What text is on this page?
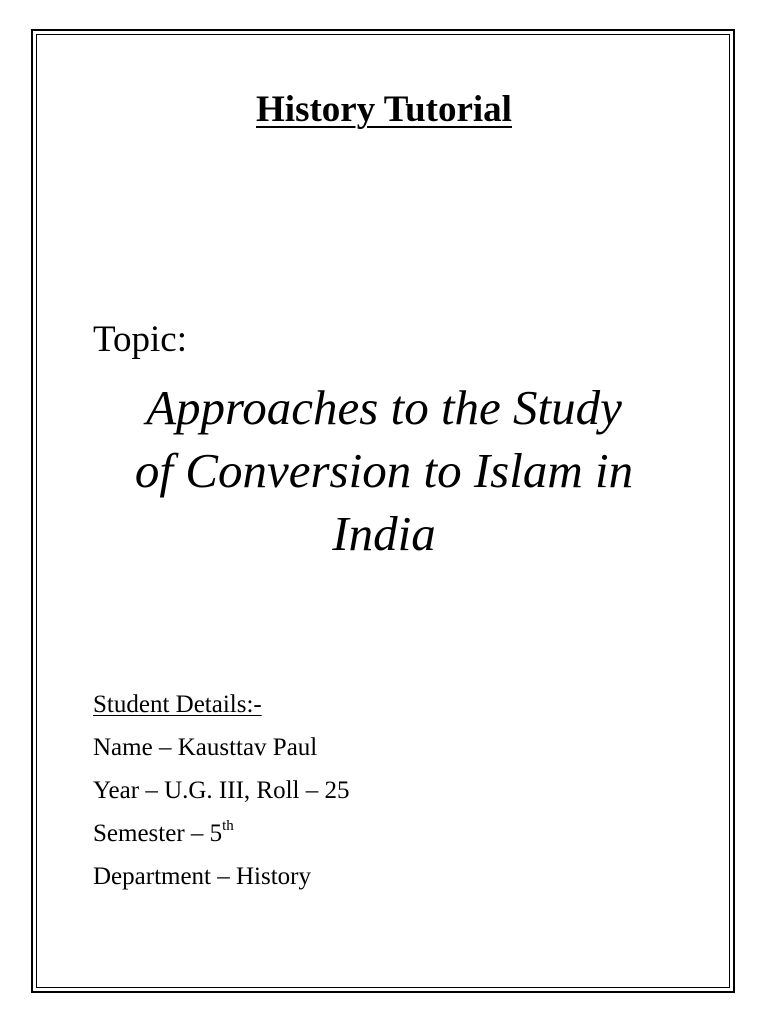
History Tutorial
Topic:
Approaches to the Study
of Conversion to Islam in
India
Student Details:-
Name – Kausttav Paul
Year – U.G. III, Roll – 25
Semester – 5th
Department – History
